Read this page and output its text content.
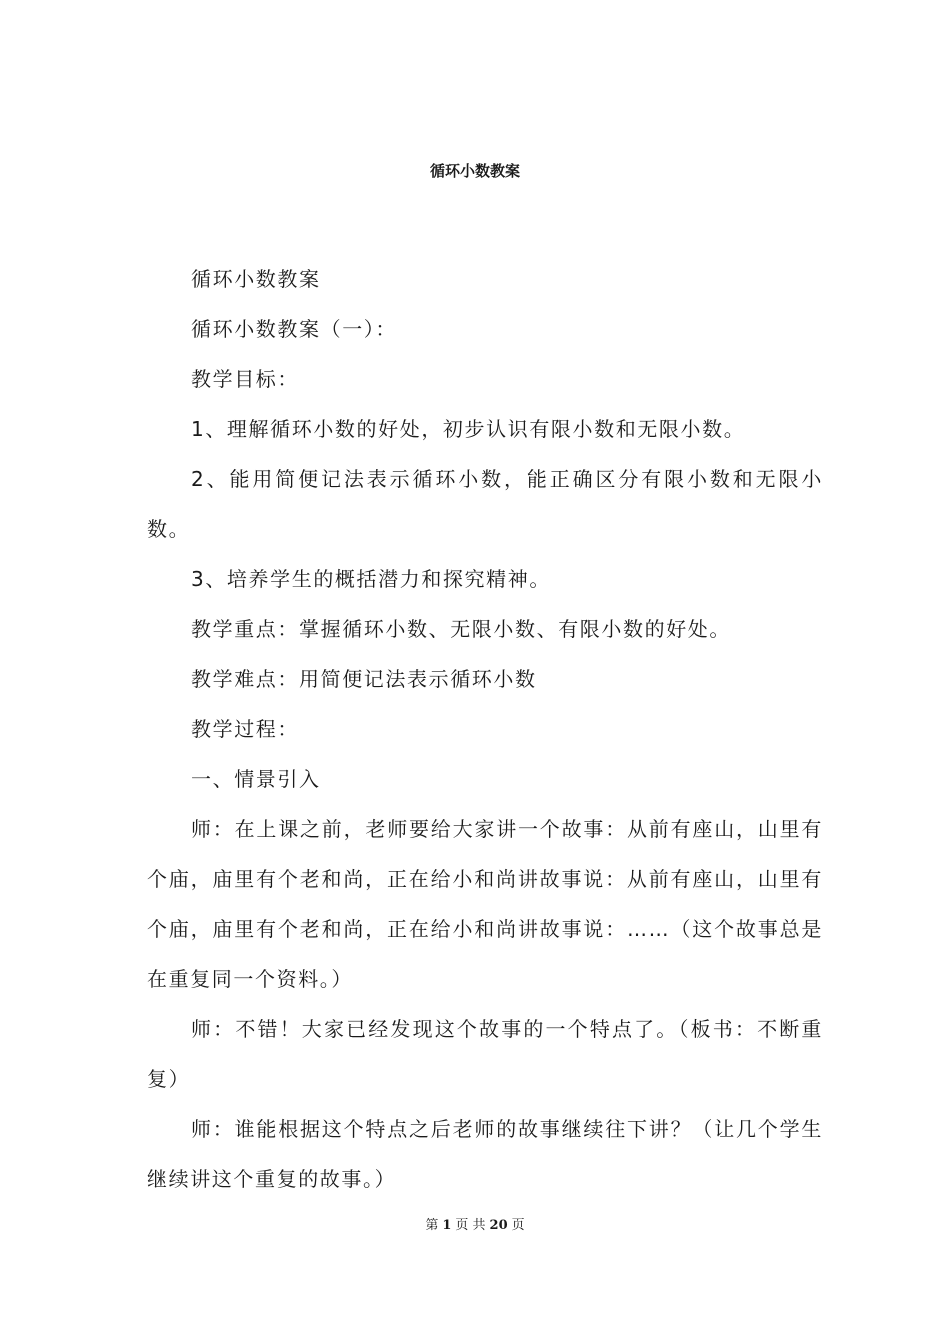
循环小数教案

循环小数教案

循环小数教案（一）：

教学目标：

1、理解循环小数的好处，初步认识有限小数和无限小数。

2、能用简便记法表示循环小数，能正确区分有限小数和无限小数。

3、培养学生的概括潜力和探究精神。

教学重点：掌握循环小数、无限小数、有限小数的好处。

教学难点：用简便记法表示循环小数

教学过程：

一、情景引入

师：在上课之前，老师要给大家讲一个故事：从前有座山，山里有个庙，庙里有个老和尚，正在给小和尚讲故事说：从前有座山，山里有个庙，庙里有个老和尚，正在给小和尚讲故事说：……（这个故事总是在重复同一个资料。）

师：不错！大家已经发现这个故事的一个特点了。（板书：不断重复）

师：谁能根据这个特点之后老师的故事继续往下讲？（让几个学生继续讲这个重复的故事。）

第 1 页 共 20 页
